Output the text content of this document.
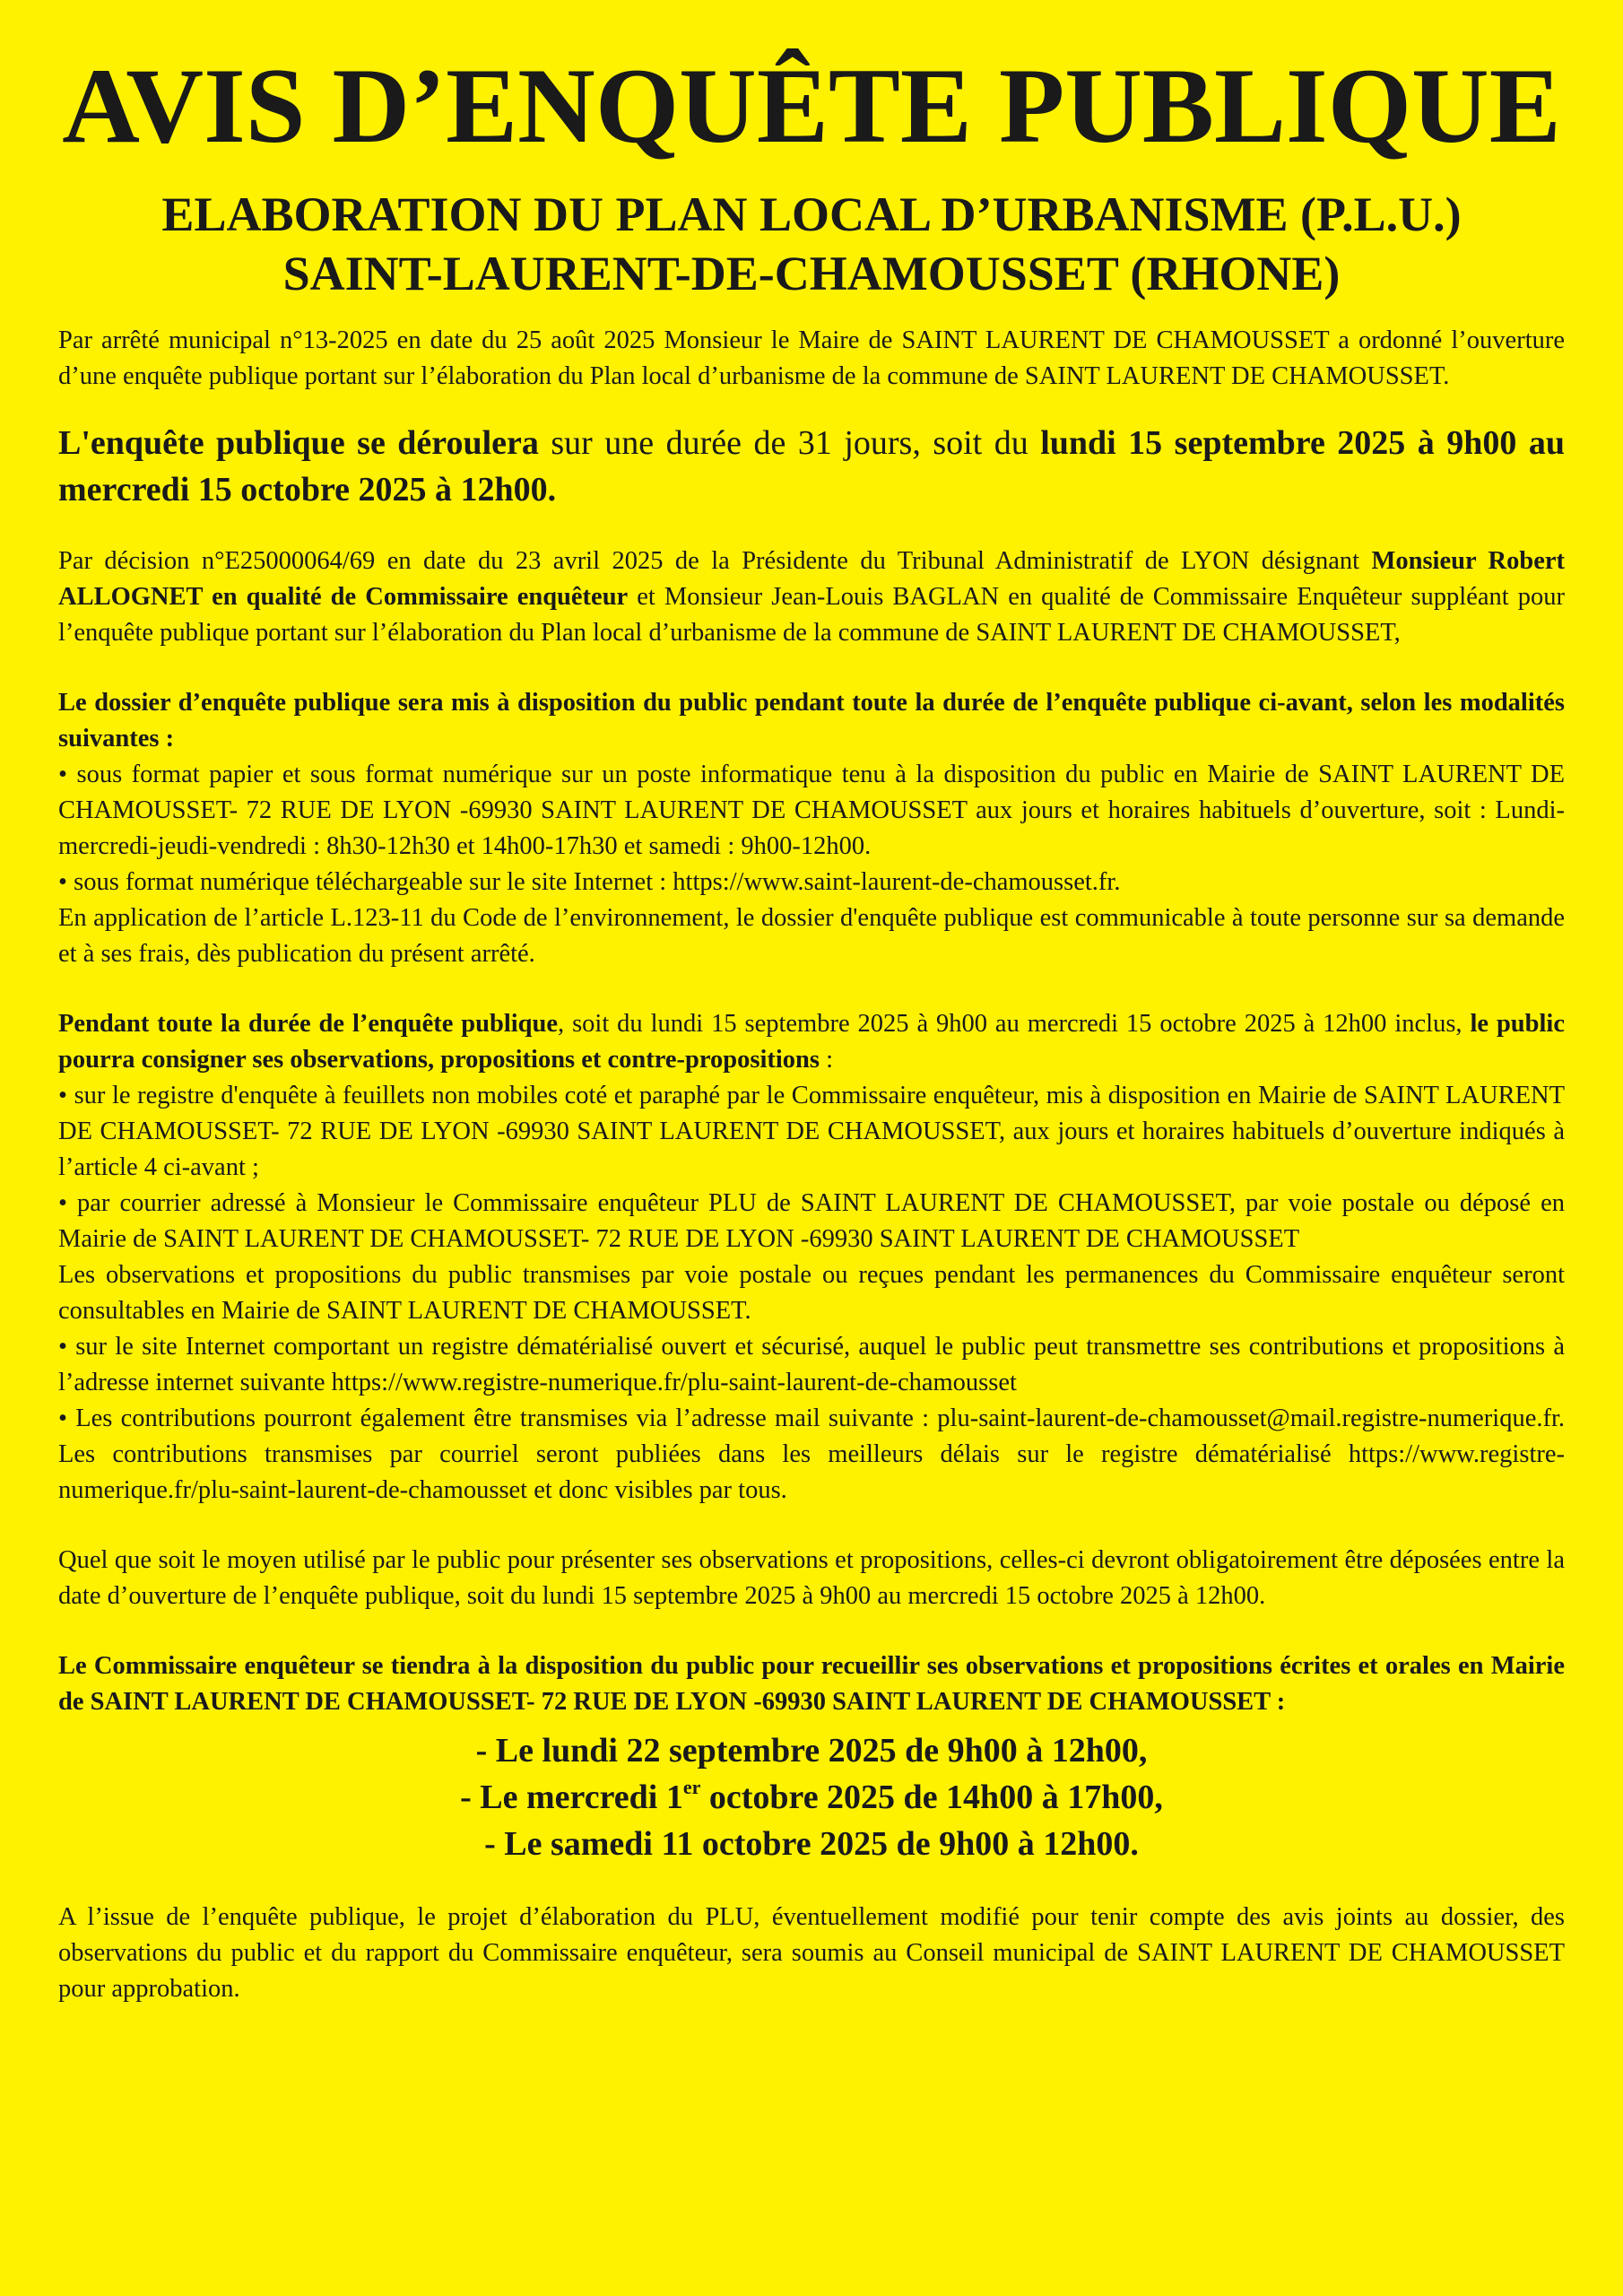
AVIS D’ENQUÊTE PUBLIQUE
ELABORATION DU PLAN LOCAL D’URBANISME (P.L.U.)
SAINT-LAURENT-DE-CHAMOUSSET (RHONE)

Par arrêté municipal n°13-2025 en date du 25 août 2025 Monsieur le Maire de SAINT LAURENT DE CHAMOUSSET a ordonné l’ouverture d’une enquête publique portant sur l’élaboration du Plan local d’urbanisme de la commune de SAINT LAURENT DE CHAMOUSSET.

L'enquête publique se déroulera sur une durée de 31 jours, soit du lundi 15 septembre 2025 à 9h00 au mercredi 15 octobre 2025 à 12h00.

Par décision n°E25000064/69 en date du 23 avril 2025 de la Présidente du Tribunal Administratif de LYON désignant Monsieur Robert ALLOGNET en qualité de Commissaire enquêteur et Monsieur Jean-Louis BAGLAN en qualité de Commissaire Enquêteur suppléant pour l’enquête publique portant sur l’élaboration du Plan local d’urbanisme de la commune de SAINT LAURENT DE CHAMOUSSET,

Le dossier d’enquête publique sera mis à disposition du public pendant toute la durée de l’enquête publique ci-avant, selon les modalités suivantes :
• sous format papier et sous format numérique sur un poste informatique tenu à la disposition du public en Mairie de SAINT LAURENT DE CHAMOUSSET- 72 RUE DE LYON -69930 SAINT LAURENT DE CHAMOUSSET aux jours et horaires habituels d’ouverture, soit : Lundi-mercredi-jeudi-vendredi : 8h30-12h30 et 14h00-17h30 et samedi : 9h00-12h00.
• sous format numérique téléchargeable sur le site Internet : https://www.saint-laurent-de-chamousset.fr.
En application de l’article L.123-11 du Code de l’environnement, le dossier d'enquête publique est communicable à toute personne sur sa demande et à ses frais, dès publication du présent arrêté.

Pendant toute la durée de l’enquête publique, soit du lundi 15 septembre 2025 à 9h00 au mercredi 15 octobre 2025 à 12h00 inclus, le public pourra consigner ses observations, propositions et contre-propositions :
• sur le registre d'enquête à feuillets non mobiles coté et paraphé par le Commissaire enquêteur, mis à disposition en Mairie de SAINT LAURENT DE CHAMOUSSET- 72 RUE DE LYON -69930 SAINT LAURENT DE CHAMOUSSET, aux jours et horaires habituels d’ouverture indiqués à l’article 4 ci-avant ;
• par courrier adressé à Monsieur le Commissaire enquêteur PLU de SAINT LAURENT DE CHAMOUSSET, par voie postale ou déposé en Mairie de SAINT LAURENT DE CHAMOUSSET- 72 RUE DE LYON -69930 SAINT LAURENT DE CHAMOUSSET
Les observations et propositions du public transmises par voie postale ou reçues pendant les permanences du Commissaire enquêteur seront consultables en Mairie de SAINT LAURENT DE CHAMOUSSET.
• sur le site Internet comportant un registre dématérialisé ouvert et sécurisé, auquel le public peut transmettre ses contributions et propositions à l’adresse internet suivante https://www.registre-numerique.fr/plu-saint-laurent-de-chamousset
• Les contributions pourront également être transmises via l’adresse mail suivante : plu-saint-laurent-de-chamousset@mail.registre-numerique.fr. Les contributions transmises par courriel seront publiées dans les meilleurs délais sur le registre dématérialisé https://www.registre-numerique.fr/plu-saint-laurent-de-chamousset et donc visibles par tous.

Quel que soit le moyen utilisé par le public pour présenter ses observations et propositions, celles-ci devront obligatoirement être déposées entre la date d’ouverture de l’enquête publique, soit du lundi 15 septembre 2025 à 9h00 au mercredi 15 octobre 2025 à 12h00.

Le Commissaire enquêteur se tiendra à la disposition du public pour recueillir ses observations et propositions écrites et orales en Mairie de SAINT LAURENT DE CHAMOUSSET- 72 RUE DE LYON -69930 SAINT LAURENT DE CHAMOUSSET :

- Le lundi 22 septembre 2025 de 9h00 à 12h00,
- Le mercredi 1er octobre 2025 de 14h00 à 17h00,
- Le samedi 11 octobre 2025 de 9h00 à 12h00.

A l’issue de l’enquête publique, le projet d’élaboration du PLU, éventuellement modifié pour tenir compte des avis joints au dossier, des observations du public et du rapport du Commissaire enquêteur, sera soumis au Conseil municipal de SAINT LAURENT DE CHAMOUSSET pour approbation.
